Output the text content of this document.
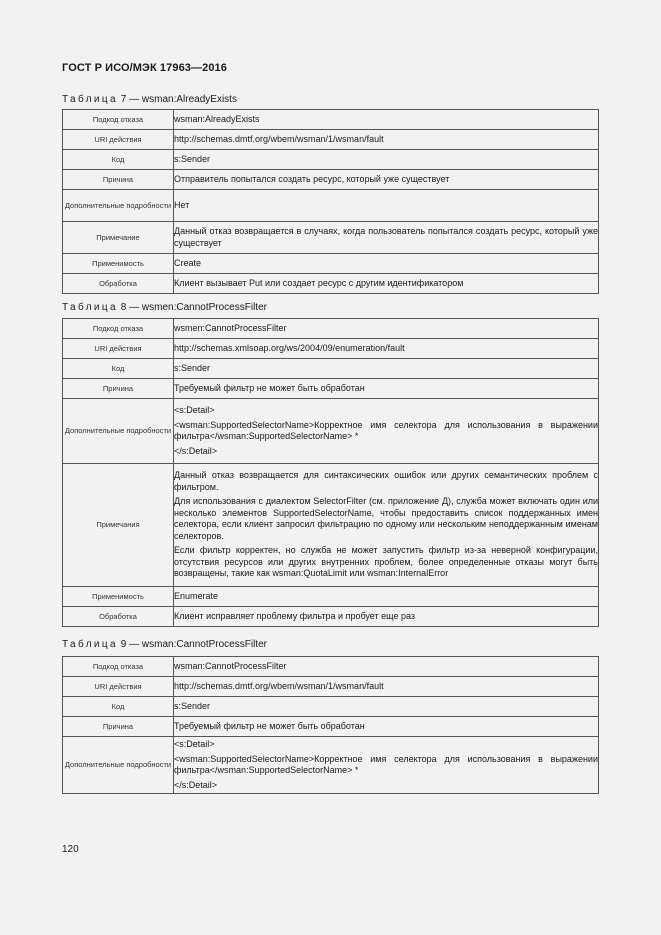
ГОСТ Р ИСО/МЭК 17963—2016
Таблица 7 — wsman:AlreadyExists
Подкод отказа	wsman:AlreadyExists

URI действия	http://schemas.dmtf.org/wbem/wsman/1/wsman/fault

Код	s:Sender

Причина	Отправитель попытался создать ресурс, который уже существует

Дополнительные подробности	Нет

Примечание	Данный отказ возвращается в случаях, когда пользователь попытался создать ресурс, который уже существует

Применимость	Create

Обработка	Клиент вызывает Put или создает ресурс с другим идентификатором

Таблица 8 — wsmen:CannotProcessFilter
Подкод отказа	wsmen:CannotProcessFilter

URI действия	http://schemas.xmlsoap.org/ws/2004/09/enumeration/fault

Код	s:Sender

Причина	Требуемый фильтр не может быть обработан

Дополнительные подробности	<s:Detail>

<wsman:SupportedSelectorName>Корректное имя селектора для использования в выражении фильтра</wsman:SupportedSelectorName> *

</s:Detail>

Примечания	Данный отказ возвращается для синтаксических ошибок или других семантических проблем с фильтром.

Для использования с диалектом SelectorFilter (см. приложение Д), служба может включать один или несколько элементов SupportedSelectorName, чтобы предоставить список поддержанных имен селектора, если клиент запросил фильтрацию по одному или нескольким неподдержанным именам селекторов.

Если фильтр корректен, но служба не может запустить фильтр из-за неверной конфигурации, отсутствия ресурсов или других внутренних проблем, более определенные отказы могут быть возвращены, такие как wsman:QuotaLimit или wsman:InternalError

Применимость	Enumerate

Обработка	Клиент исправляет проблему фильтра и пробует еще раз

Таблица 9 — wsman:CannotProcessFilter
Подкод отказа	wsman:CannotProcessFilter

URI действия	http://schemas.dmtf.org/wbem/wsman/1/wsman/fault

Код	s:Sender

Причина	Требуемый фильтр не может быть обработан

Дополнительные подробности	<s:Detail>

<wsman:SupportedSelectorName>Корректное имя селектора для использования в выражении фильтра</wsman:SupportedSelectorName> *

</s:Detail>

120
